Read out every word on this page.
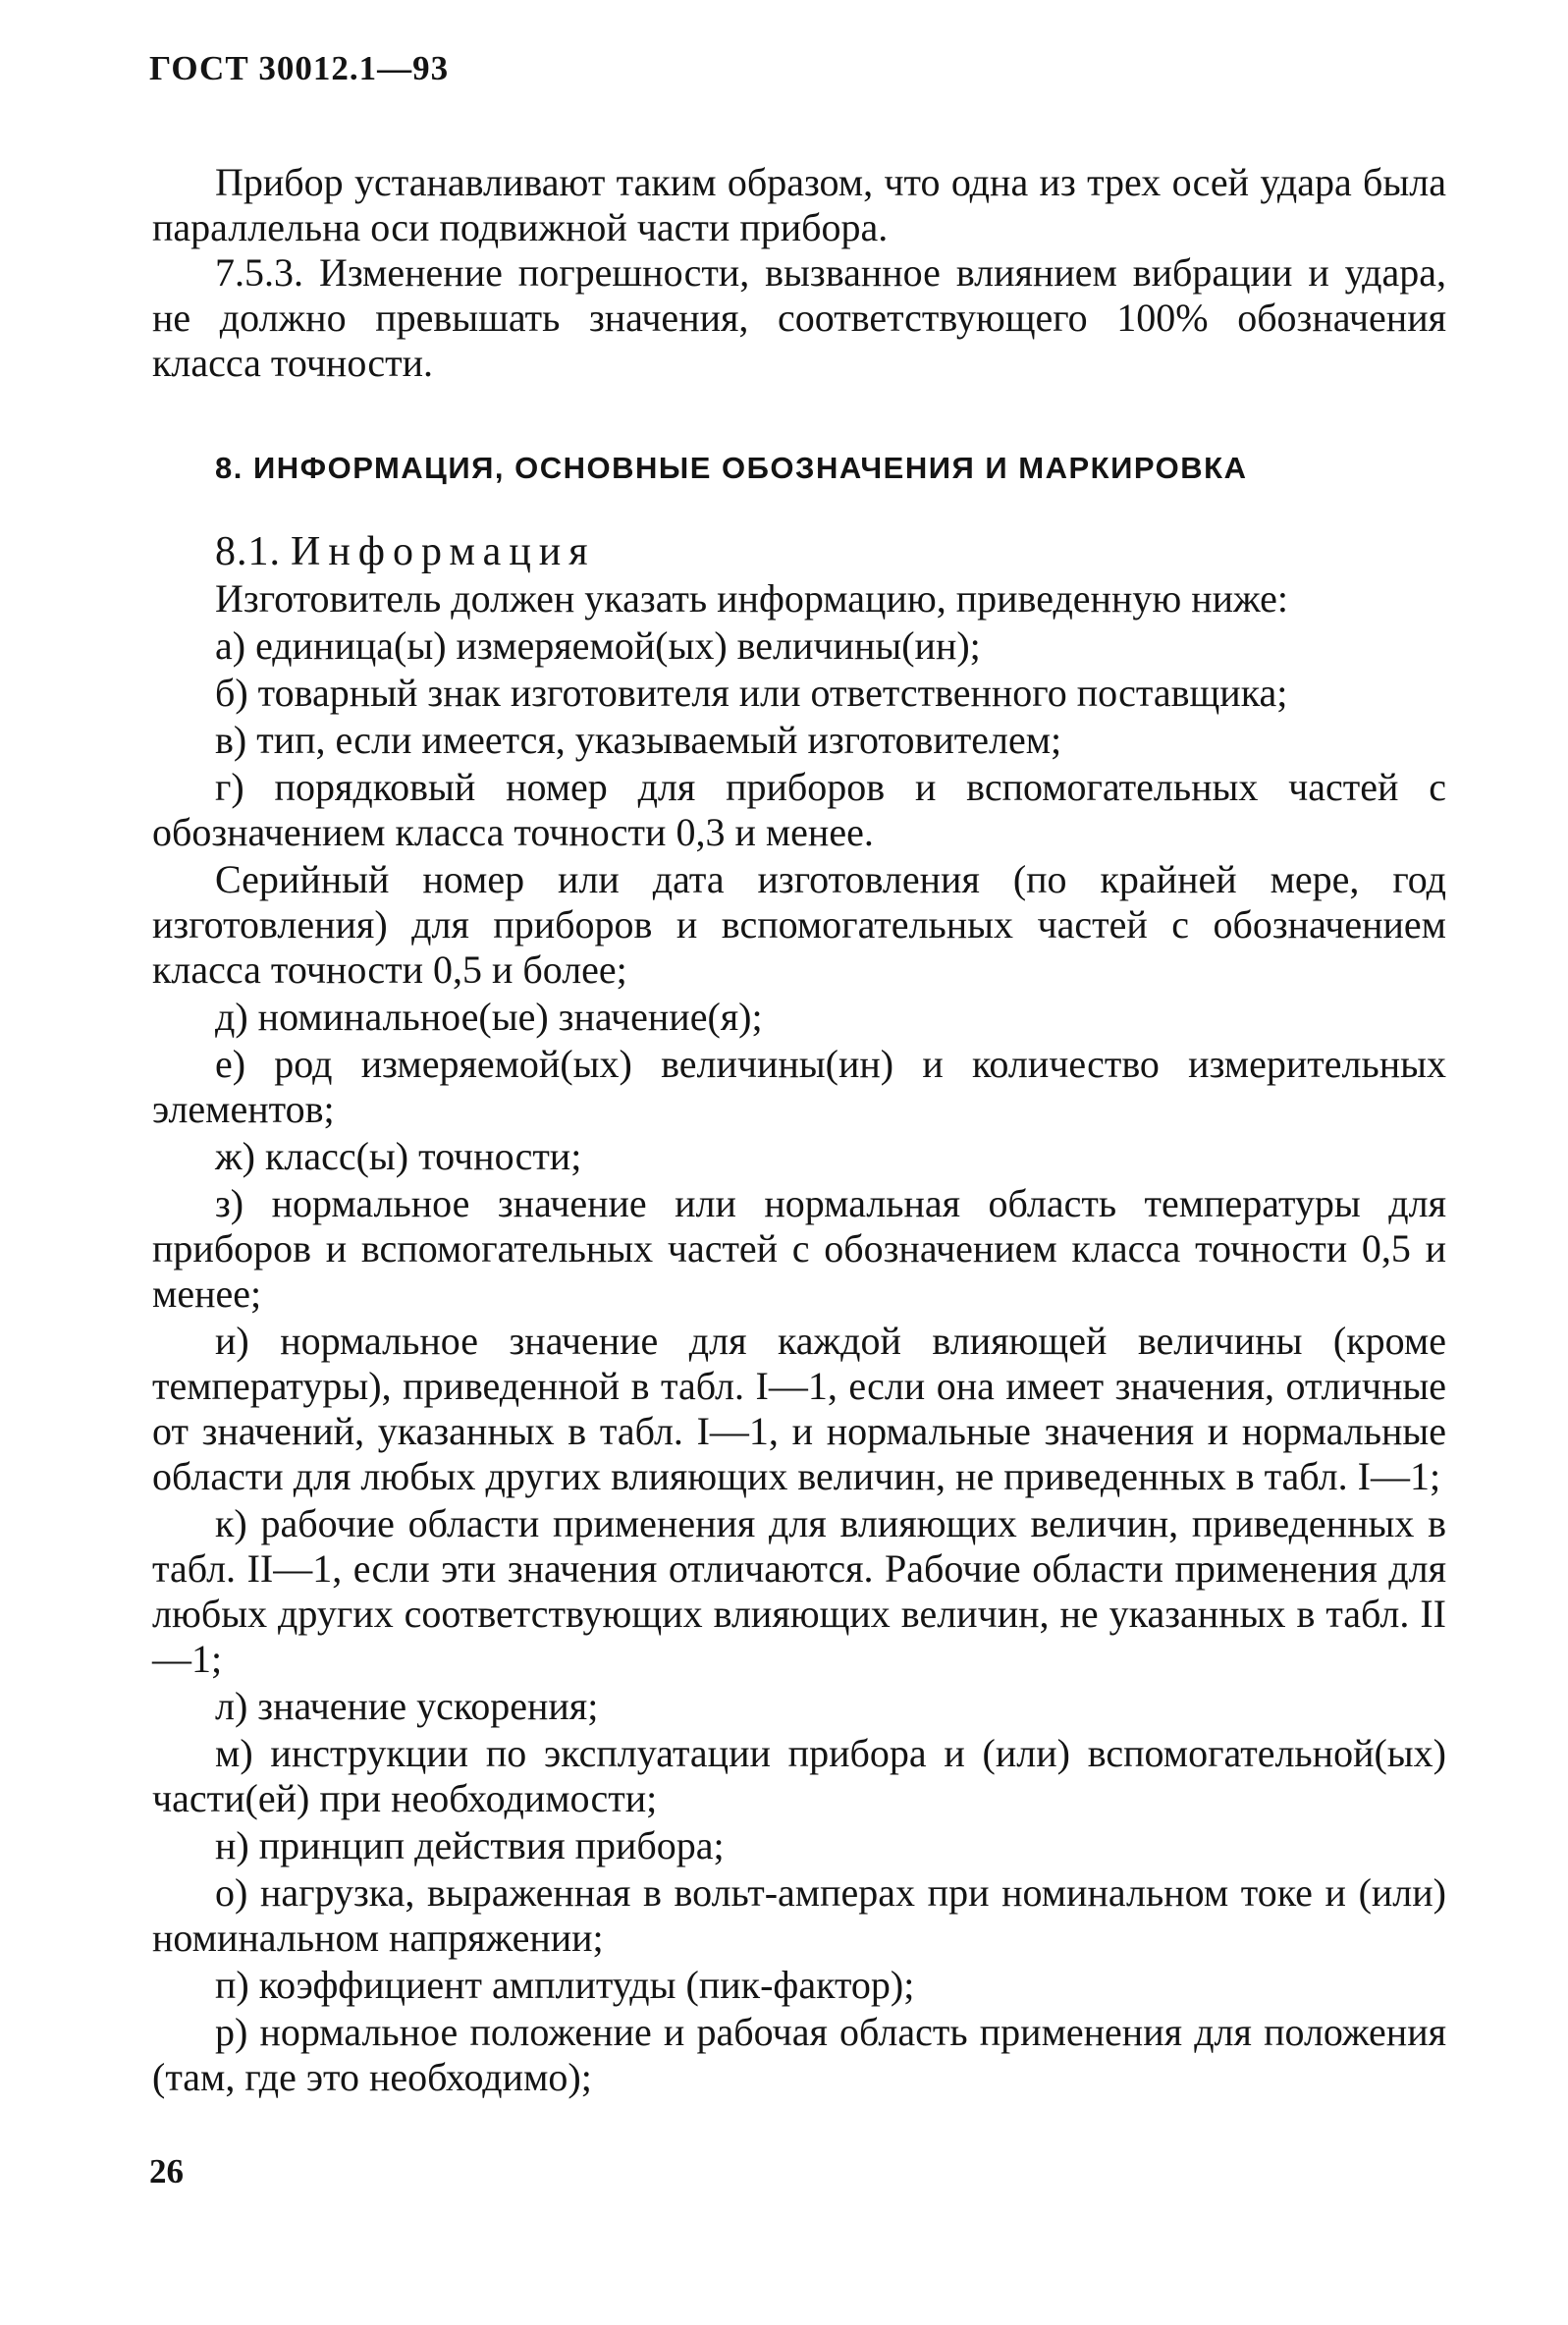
ГОСТ 30012.1—93

Прибор устанавливают таким образом, что одна из трех осей удара была параллельна оси подвижной части прибора.

7.5.3. Изменение погрешности, вызванное влиянием вибрации и удара, не должно превышать значения, соответствующего 100% обозначения класса точности.

8. ИНФОРМАЦИЯ, ОСНОВНЫЕ ОБОЗНАЧЕНИЯ И МАРКИРОВКА
8.1. Информация

Изготовитель должен указать информацию, приведенную ниже:

а) единица(ы) измеряемой(ых) величины(ин);

б) товарный знак изготовителя или ответственного поставщика;

в) тип, если имеется, указываемый изготовителем;

г) порядковый номер для приборов и вспомогательных частей с обозначением класса точности 0,3 и менее.

Серийный номер или дата изготовления (по крайней мере, год изготовления) для приборов и вспомогательных частей с обозначением класса точности 0,5 и более;

д) номинальное(ые) значение(я);

е) род измеряемой(ых) величины(ин) и количество измерительных элементов;

ж) класс(ы) точности;

з) нормальное значение или нормальная область температуры для приборов и вспомогательных частей с обозначением класса точности 0,5 и менее;

и) нормальное значение для каждой влияющей величины (кроме температуры), приведенной в табл. I—1, если она имеет значения, отличные от значений, указанных в табл. I—1, и нормальные значения и нормальные области для любых других влияющих величин, не приведенных в табл. I—1;

к) рабочие области применения для влияющих величин, приведенных в табл. II—1, если эти значения отличаются. Рабочие области применения для любых других соответствующих влияющих величин, не указанных в табл. II—1;

л) значение ускорения;

м) инструкции по эксплуатации прибора и (или) вспомогательной(ых) части(ей) при необходимости;

н) принцип действия прибора;

о) нагрузка, выраженная в вольт-амперах при номинальном токе и (или) номинальном напряжении;

п) коэффициент амплитуды (пик-фактор);

р) нормальное положение и рабочая область применения для положения (там, где это необходимо);

26
